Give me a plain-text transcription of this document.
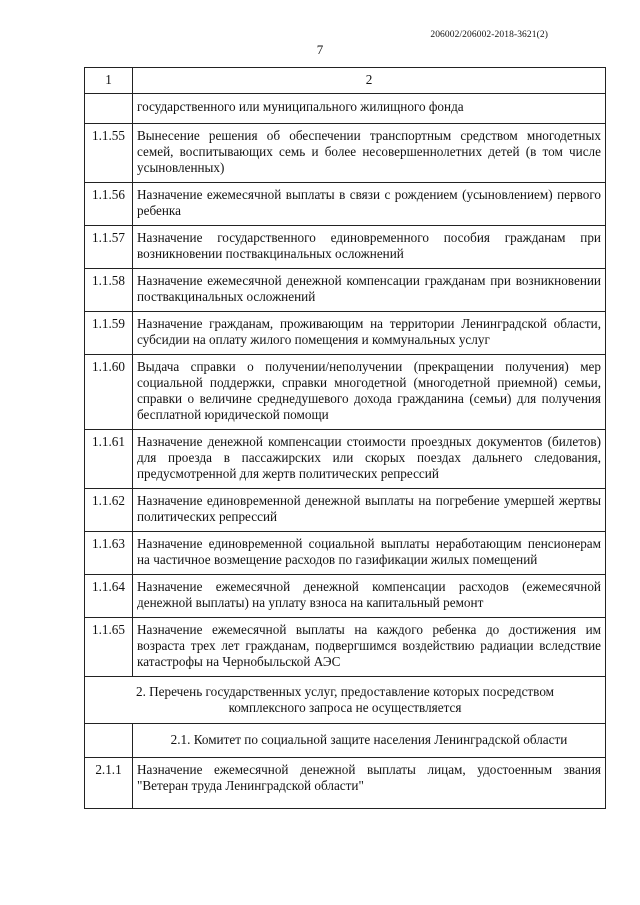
206002/206002-2018-3621(2)
7
1	2
	государственного или муниципального жилищного фонда
1.1.55	Вынесение решения об обеспечении транспортным средством многодетных семей, воспитывающих семь и более несовершеннолетних детей (в том числе усыновленных)
1.1.56	Назначение ежемесячной выплаты в связи с рождением (усыновлением) первого ребенка
1.1.57	Назначение государственного единовременного пособия гражданам при возникновении поствакцинальных осложнений
1.1.58	Назначение ежемесячной денежной компенсации гражданам при возникновении поствакцинальных осложнений
1.1.59	Назначение гражданам, проживающим на территории Ленинградской области, субсидии на оплату жилого помещения и коммунальных услуг
1.1.60	Выдача справки о получении/неполучении (прекращении получения) мер социальной поддержки, справки многодетной (многодетной приемной) семьи, справки о величине среднедушевого дохода гражданина (семьи) для получения бесплатной юридической помощи
1.1.61	Назначение денежной компенсации стоимости проездных документов (билетов) для проезда в пассажирских или скорых поездах дальнего следования, предусмотренной для жертв политических репрессий
1.1.62	Назначение единовременной денежной выплаты на погребение умершей жертвы политических репрессий
1.1.63	Назначение единовременной социальной выплаты неработающим пенсионерам на частичное возмещение расходов по газификации жилых помещений
1.1.64	Назначение ежемесячной денежной компенсации расходов (ежемесячной денежной выплаты) на уплату взноса на капитальный ремонт
1.1.65	Назначение ежемесячной выплаты на каждого ребенка до достижения им возраста трех лет гражданам, подвергшимся воздействию радиации вследствие катастрофы на Чернобыльской АЭС
2. Перечень государственных услуг, предоставление которых посредством комплексного запроса не осуществляется	
	2.1. Комитет по социальной защите населения Ленинградской области
2.1.1	Назначение ежемесячной денежной выплаты лицам, удостоенным звания "Ветеран труда Ленинградской области"
